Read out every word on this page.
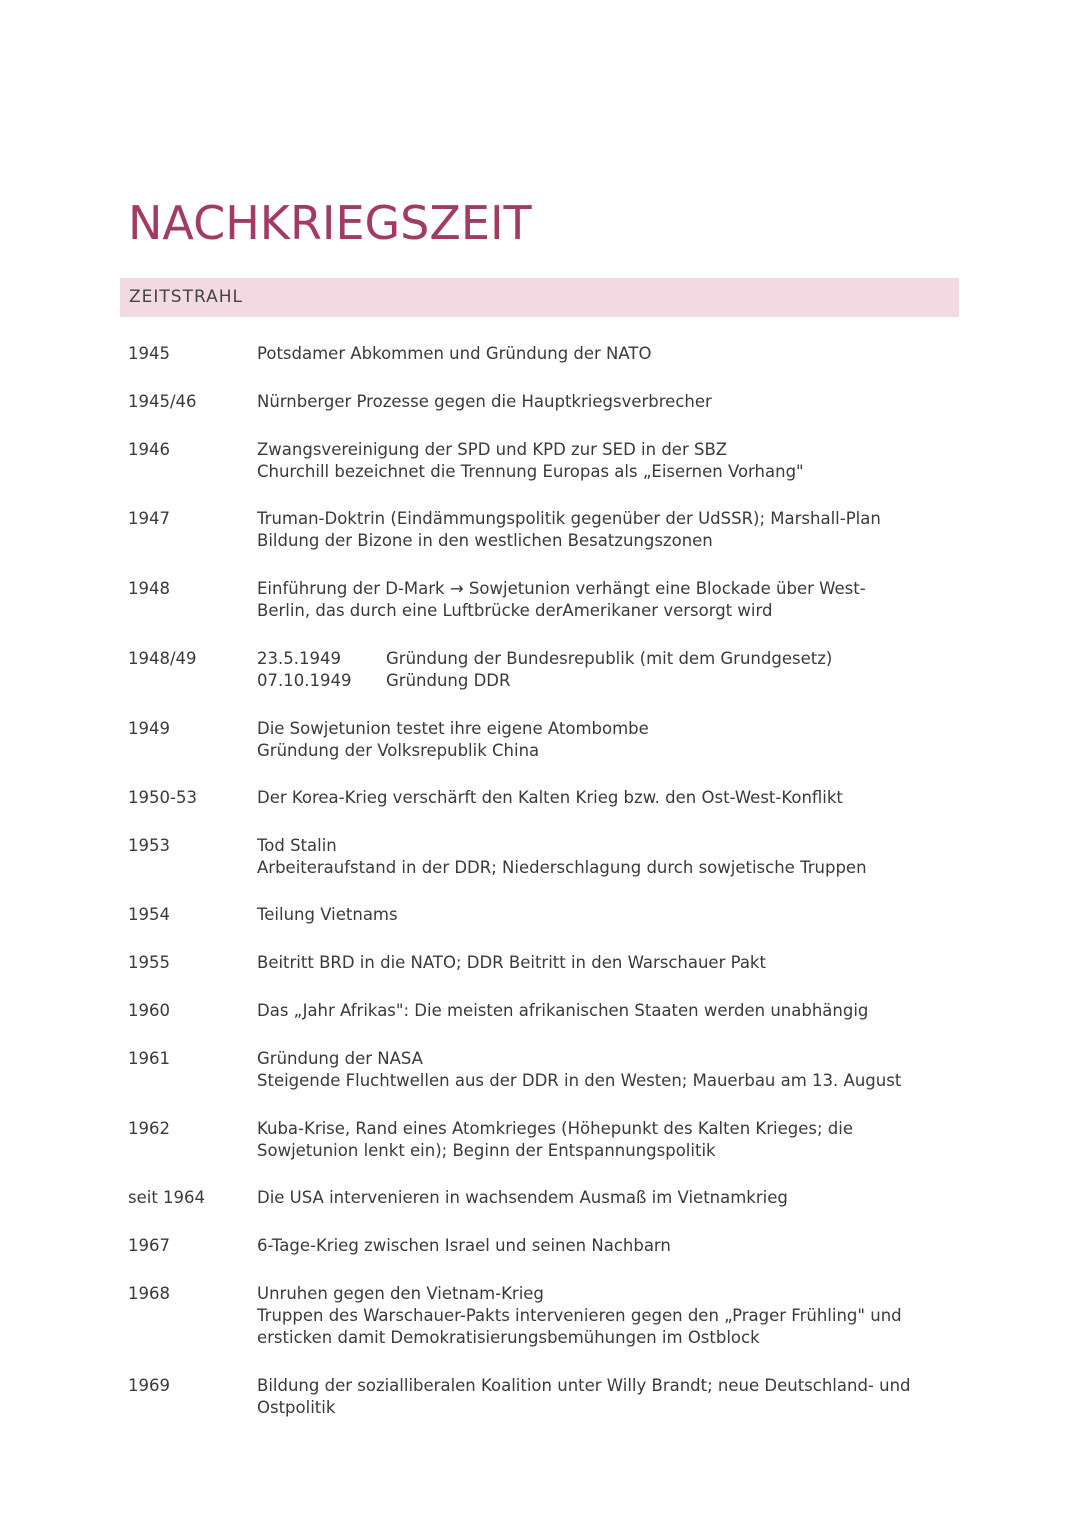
NACHKRIEGSZEIT
ZEITSTRAHL
1945	Potsdamer Abkommen und Gründung der NATO
1945/46	Nürnberger Prozesse gegen die Hauptkriegsverbrecher
1946	Zwangsvereinigung der SPD und KPD zur SED in der SBZ
Churchill bezeichnet die Trennung Europas als „Eisernen Vorhang"
1947	Truman-Doktrin (Eindämmungspolitik gegenüber der UdSSR); Marshall-Plan
Bildung der Bizone in den westlichen Besatzungszonen
1948	Einführung der D-Mark → Sowjetunion verhängt eine Blockade über West-
Berlin, das durch eine Luftbrücke derAmerikaner versorgt wird
1948/49	23.5.1949	Gründung der Bundesrepublik (mit dem Grundgesetz)
07.10.1949 Gründung DDR
1949	Die Sowjetunion testet ihre eigene Atombombe
Gründung der Volksrepublik China
1950-53	Der Korea-Krieg verschärft den Kalten Krieg bzw. den Ost-West-Konflikt
1953	Tod Stalin
Arbeiteraufstand in der DDR; Niederschlagung durch sowjetische Truppen
1954	Teilung Vietnams
1955	Beitritt BRD in die NATO; DDR Beitritt in den Warschauer Pakt
1960	Das „Jahr Afrikas": Die meisten afrikanischen Staaten werden unabhängig
1961	Gründung der NASA
Steigende Fluchtwellen aus der DDR in den Westen; Mauerbau am 13. August
1962	Kuba-Krise, Rand eines Atomkrieges (Höhepunkt des Kalten Krieges; die
Sowjetunion lenkt ein); Beginn der Entspannungspolitik
seit 1964	Die USA intervenieren in wachsendem Ausmaß im Vietnamkrieg
1967	6-Tage-Krieg zwischen Israel und seinen Nachbarn
1968	Unruhen gegen den Vietnam-Krieg
Truppen des Warschauer-Pakts intervenieren gegen den „Prager Frühling" und
ersticken damit Demokratisierungsbemühungen im Ostblock
1969	Bildung der sozialliberalen Koalition unter Willy Brandt; neue Deutschland- und
Ostpolitik
